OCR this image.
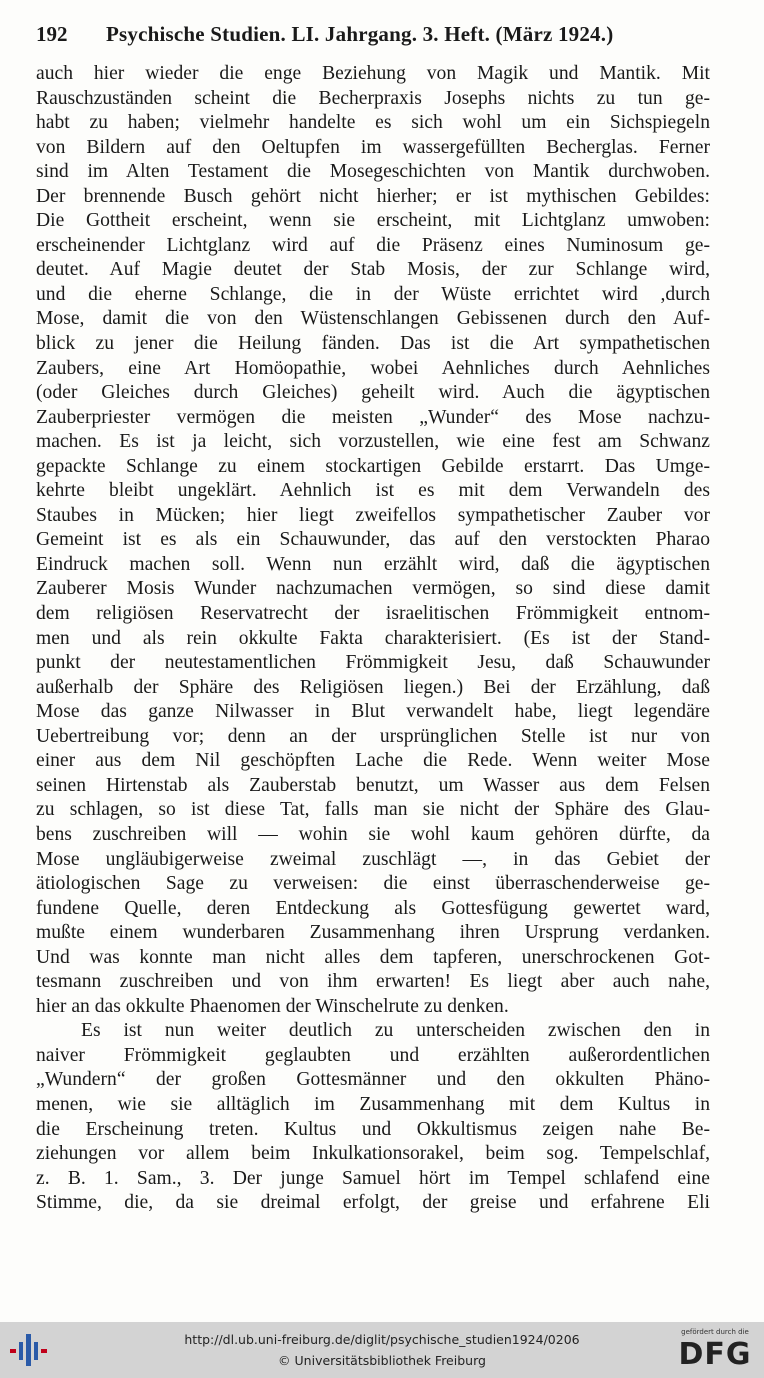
192 Psychische Studien. LI. Jahrgang. 3. Heft. (März 1924.)
auch hier wieder die enge Beziehung von Magik und Mantik. Mit
Rauschzuständen scheint die Becherpraxis Josephs nichts zu tun ge-
habt zu haben; vielmehr handelte es sich wohl um ein Sichspiegeln
von Bildern auf den Oeltupfen im wassergefüllten Becherglas. Ferner
sind im Alten Testament die Mosegeschichten von Mantik durchwoben.
Der brennende Busch gehört nicht hierher; er ist mythischen Gebildes:
Die Gottheit erscheint, wenn sie erscheint, mit Lichtglanz umwoben:
erscheinender Lichtglanz wird auf die Präsenz eines Numinosum ge-
deutet. Auf Magie deutet der Stab Mosis, der zur Schlange wird,
und die eherne Schlange, die in der Wüste errichtet wird ,durch
Mose, damit die von den Wüstenschlangen Gebissenen durch den Auf-
blick zu jener die Heilung fänden. Das ist die Art sympathetischen
Zaubers, eine Art Homöopathie, wobei Aehnliches durch Aehnliches
(oder Gleiches durch Gleiches) geheilt wird. Auch die ägyptischen
Zauberpriester vermögen die meisten „Wunder“ des Mose nachzu-
machen. Es ist ja leicht, sich vorzustellen, wie eine fest am Schwanz
gepackte Schlange zu einem stockartigen Gebilde erstarrt. Das Umge-
kehrte bleibt ungeklärt. Aehnlich ist es mit dem Verwandeln des
Staubes in Mücken; hier liegt zweifellos sympathetischer Zauber vor
Gemeint ist es als ein Schauwunder, das auf den verstockten Pharao
Eindruck machen soll. Wenn nun erzählt wird, daß die ägyptischen
Zauberer Mosis Wunder nachzumachen vermögen, so sind diese damit
dem religiösen Reservatrecht der israelitischen Frömmigkeit entnom-
men und als rein okkulte Fakta charakterisiert. (Es ist der Stand-
punkt der neutestamentlichen Frömmigkeit Jesu, daß Schauwunder
außerhalb der Sphäre des Religiösen liegen.) Bei der Erzählung, daß
Mose das ganze Nilwasser in Blut verwandelt habe, liegt legendäre
Uebertreibung vor; denn an der ursprünglichen Stelle ist nur von
einer aus dem Nil geschöpften Lache die Rede. Wenn weiter Mose
seinen Hirtenstab als Zauberstab benutzt, um Wasser aus dem Felsen
zu schlagen, so ist diese Tat, falls man sie nicht der Sphäre des Glau-
bens zuschreiben will — wohin sie wohl kaum gehören dürfte, da
Mose ungläubigerweise zweimal zuschlägt —, in das Gebiet der
ätiologischen Sage zu verweisen: die einst überraschenderweise ge-
fundene Quelle, deren Entdeckung als Gottesfügung gewertet ward,
mußte einem wunderbaren Zusammenhang ihren Ursprung verdanken.
Und was konnte man nicht alles dem tapferen, unerschrockenen Got-
tesmann zuschreiben und von ihm erwarten! Es liegt aber auch nahe,
hier an das okkulte Phaenomen der Winschelrute zu denken.
Es ist nun weiter deutlich zu unterscheiden zwischen den in
naiver Frömmigkeit geglaubten und erzählten außerordentlichen
„Wundern“ der großen Gottesmänner und den okkulten Phäno-
menen, wie sie alltäglich im Zusammenhang mit dem Kultus in
die Erscheinung treten. Kultus und Okkultismus zeigen nahe Be-
ziehungen vor allem beim Inkulkationsorakel, beim sog. Tempelschlaf,
z. B. 1. Sam., 3. Der junge Samuel hört im Tempel schlafend eine
Stimme, die, da sie dreimal erfolgt, der greise und erfahrene Eli
http://dl.ub.uni-freiburg.de/diglit/psychische_studien1924/0206
© Universitätsbibliothek Freiburg
gefördert durch die
DFG
